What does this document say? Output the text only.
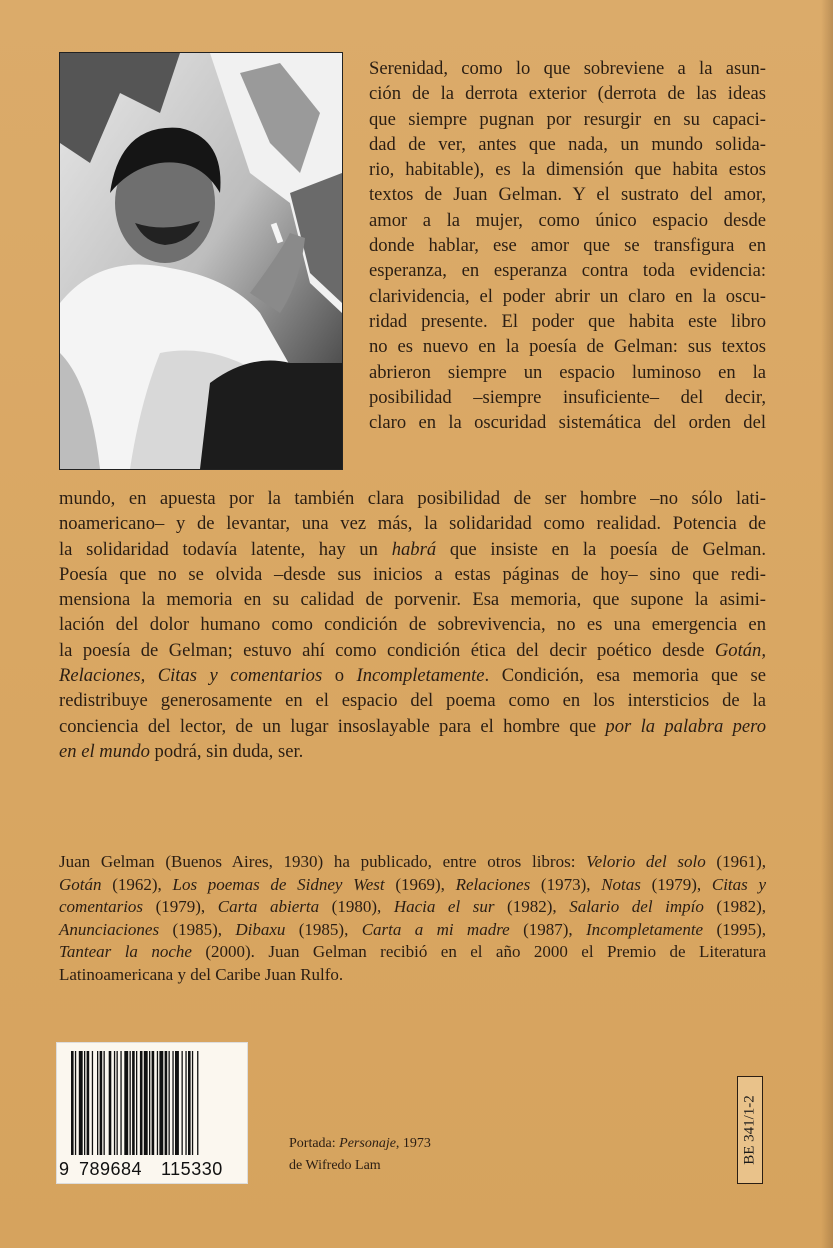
Serenidad, como lo que sobreviene a la asun-
ción de la derrota exterior (derrota de las ideas
que siempre pugnan por resurgir en su capaci-
dad de ver, antes que nada, un mundo solida-
rio, habitable), es la dimensión que habita estos
textos de Juan Gelman. Y el sustrato del amor,
amor a la mujer, como único espacio desde
donde hablar, ese amor que se transfigura en
esperanza, en esperanza contra toda evidencia:
clarividencia, el poder abrir un claro en la oscu-
ridad presente. El poder que habita este libro
no es nuevo en la poesía de Gelman: sus textos
abrieron siempre un espacio luminoso en la
posibilidad –siempre insuficiente– del decir,
claro en la oscuridad sistemática del orden del
mundo, en apuesta por la también clara posibilidad de ser hombre –no sólo lati-
noamericano– y de levantar, una vez más, la solidaridad como realidad. Potencia de
la solidaridad todavía latente, hay un habrá que insiste en la poesía de Gelman.
Poesía que no se olvida –desde sus inicios a estas páginas de hoy– sino que redi-
mensiona la memoria en su calidad de porvenir. Esa memoria, que supone la asimi-
lación del dolor humano como condición de sobrevivencia, no es una emergencia en
la poesía de Gelman; estuvo ahí como condición ética del decir poético desde Gotán,
Relaciones, Citas y comentarios o Incompletamente. Condición, esa memoria que se
redistribuye generosamente en el espacio del poema como en los intersticios de la
conciencia del lector, de un lugar insoslayable para el hombre que por la palabra pero
en el mundo podrá, sin duda, ser.
Juan Gelman (Buenos Aires, 1930) ha publicado, entre otros libros: Velorio del solo (1961),
Gotán (1962), Los poemas de Sidney West (1969), Relaciones (1973), Notas (1979), Citas y
comentarios (1979), Carta abierta (1980), Hacia el sur (1982), Salario del impío (1982),
Anunciaciones (1985), Dibaxu (1985), Carta a mi madre (1987), Incompletamente (1995),
Tantear la noche (2000). Juan Gelman recibió en el año 2000 el Premio de Literatura
Latinoamericana y del Caribe Juan Rulfo.
9 789684 115330
Portada: Personaje, 1973
de Wifredo Lam
BE 341/1-2
